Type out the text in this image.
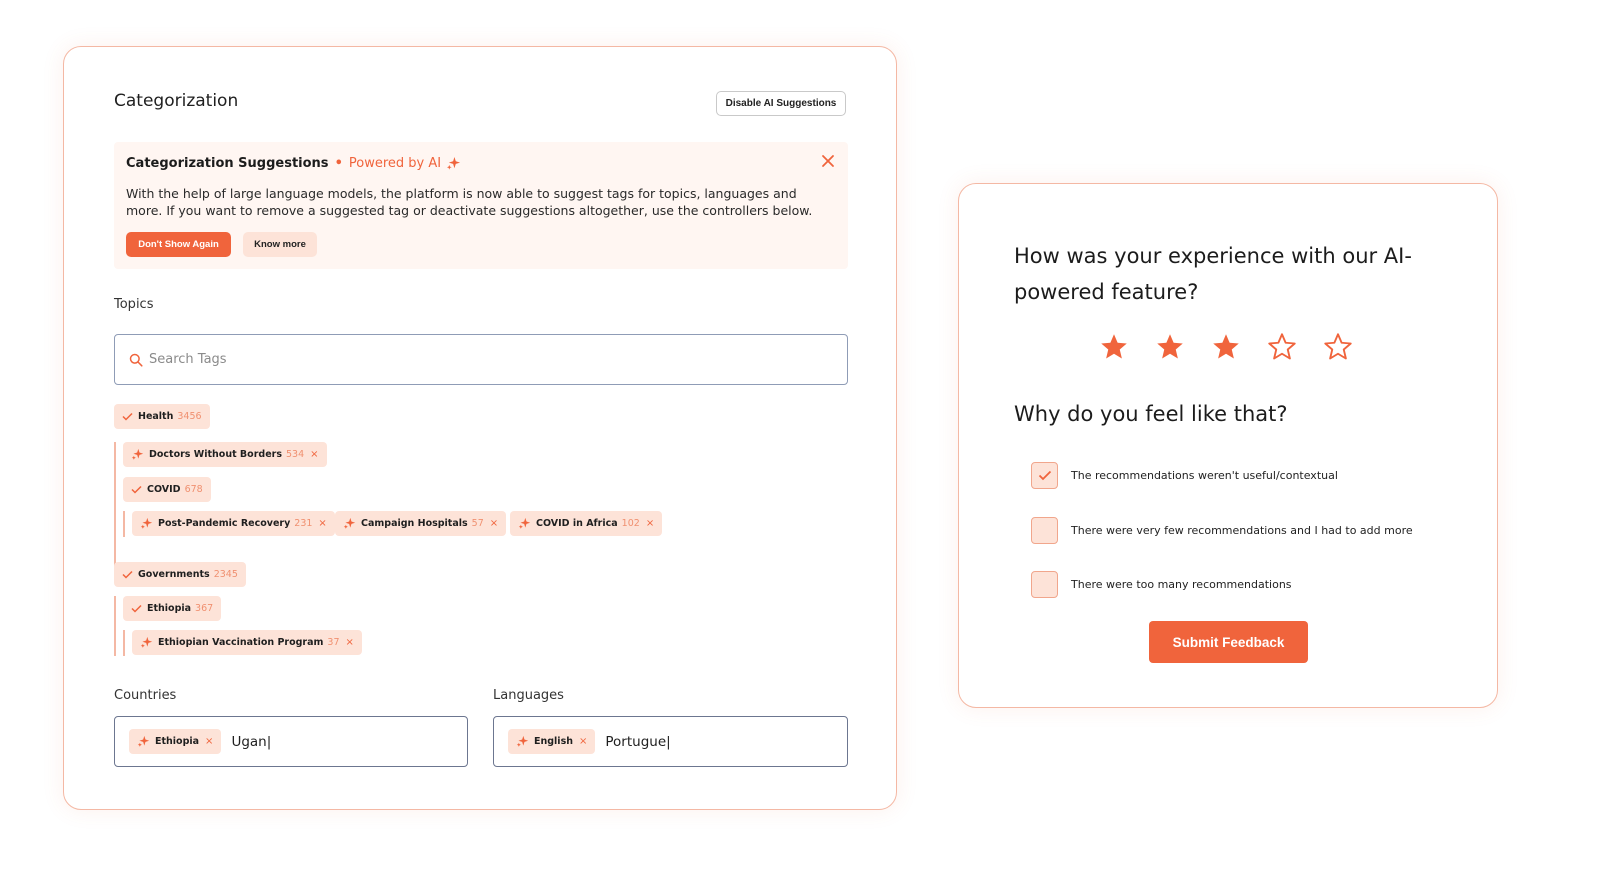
Categorization	Disable AI Suggestions
Categorization Suggestions • Powered by AI
With the help of large language models, the platform is now able to suggest tags for topics, languages and more. If you want to remove a suggested tag or deactivate suggestions altogether, use the controllers below.
Don't Show Again	Know more
Topics
Search Tags
Health 3456
Doctors Without Borders 534 ×
COVID 678
Post-Pandemic Recovery 231 ×	Campaign Hospitals 57 ×	COVID in Africa 102 ×
Governments 2345
Ethiopia 367
Ethiopian Vaccination Program 37 ×
Countries
Ethiopia × Ugan|
Languages
English × Portugue|
How was your experience with our AI-powered feature?
Why do you feel like that?
The recommendations weren't useful/contextual
There were very few recommendations and I had to add more
There were too many recommendations
Submit Feedback
